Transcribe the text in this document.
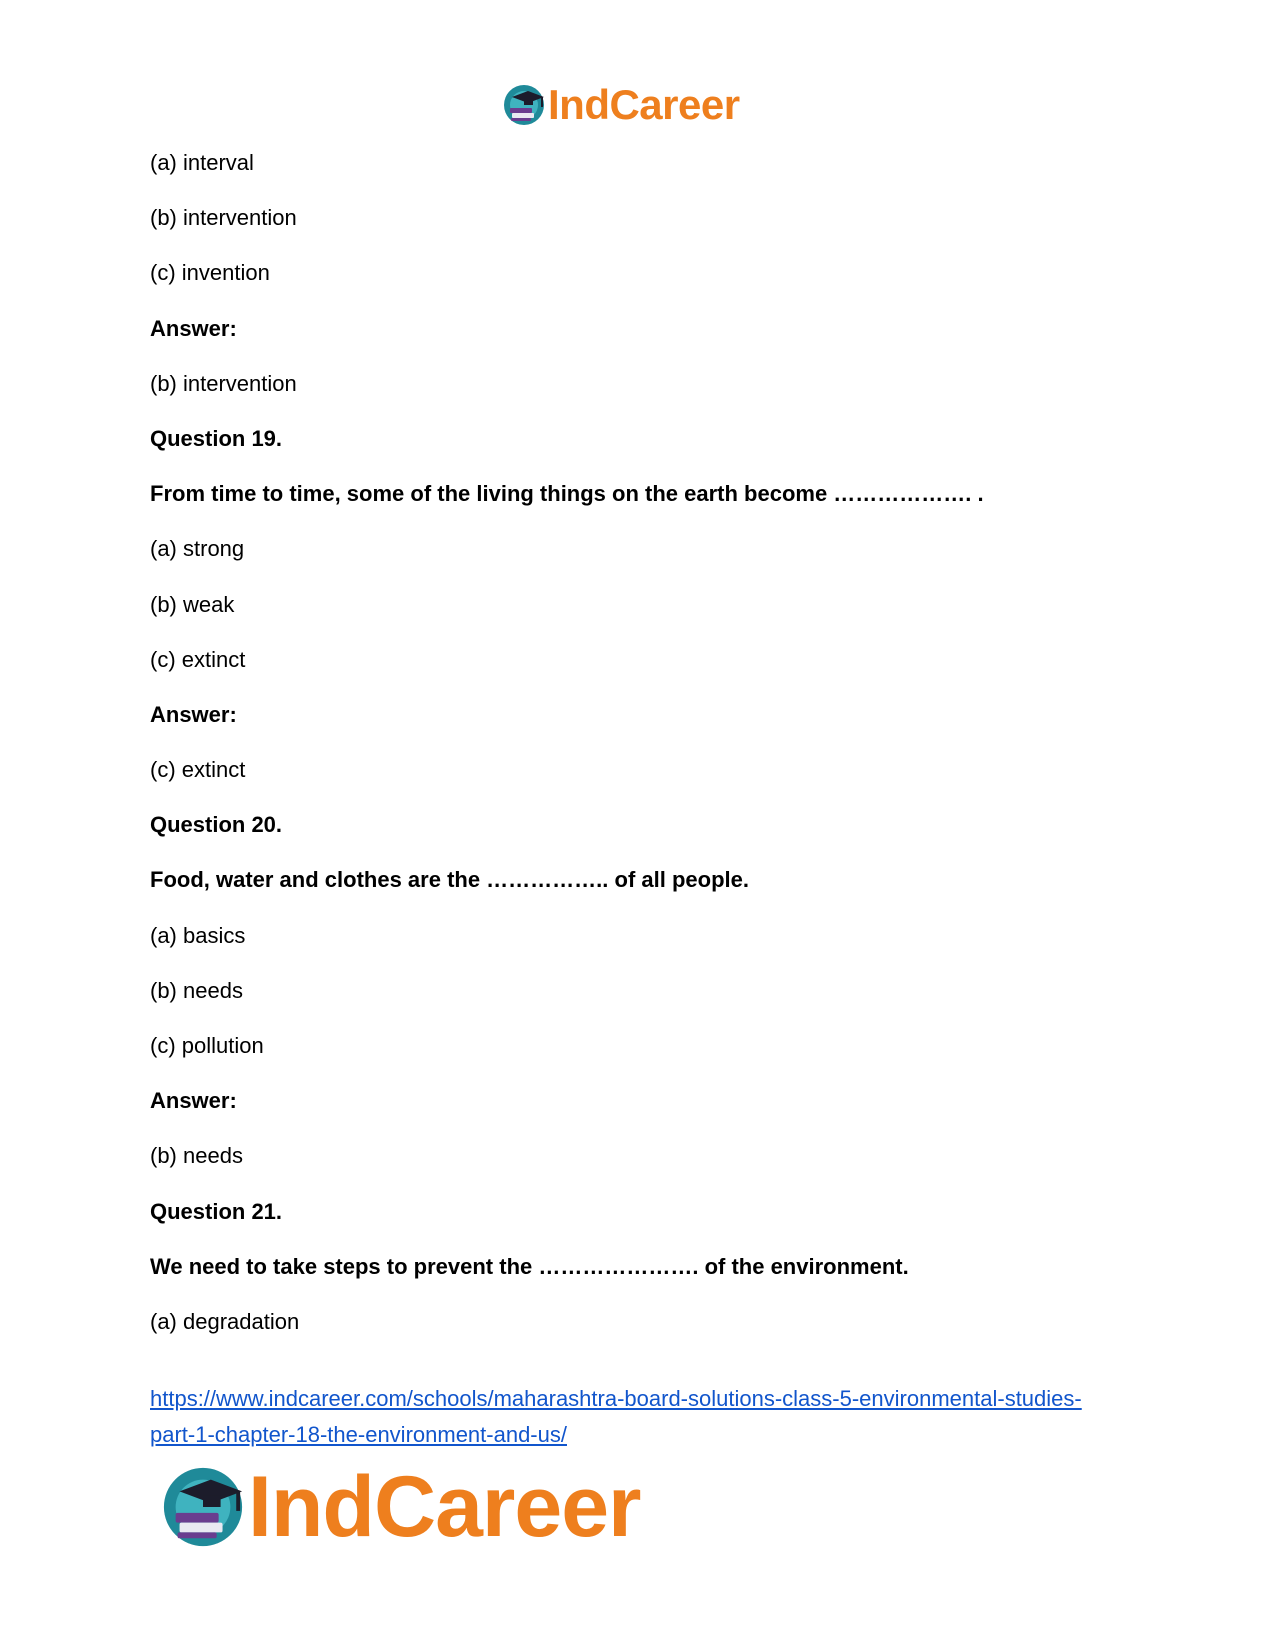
IndCareer
(a) interval
(b) intervention
(c) invention
Answer:
(b) intervention
Question 19.
From time to time, some of the living things on the earth become ………………. .
(a) strong
(b) weak
(c) extinct
Answer:
(c) extinct
Question 20.
Food, water and clothes are the …………….. of all people.
(a) basics
(b) needs
(c) pollution
Answer:
(b) needs
Question 21.
We need to take steps to prevent the …………………. of the environment.
(a) degradation
https://www.indcareer.com/schools/maharashtra-board-solutions-class-5-environmental-studies-
part-1-chapter-18-the-environment-and-us/
IndCareer
